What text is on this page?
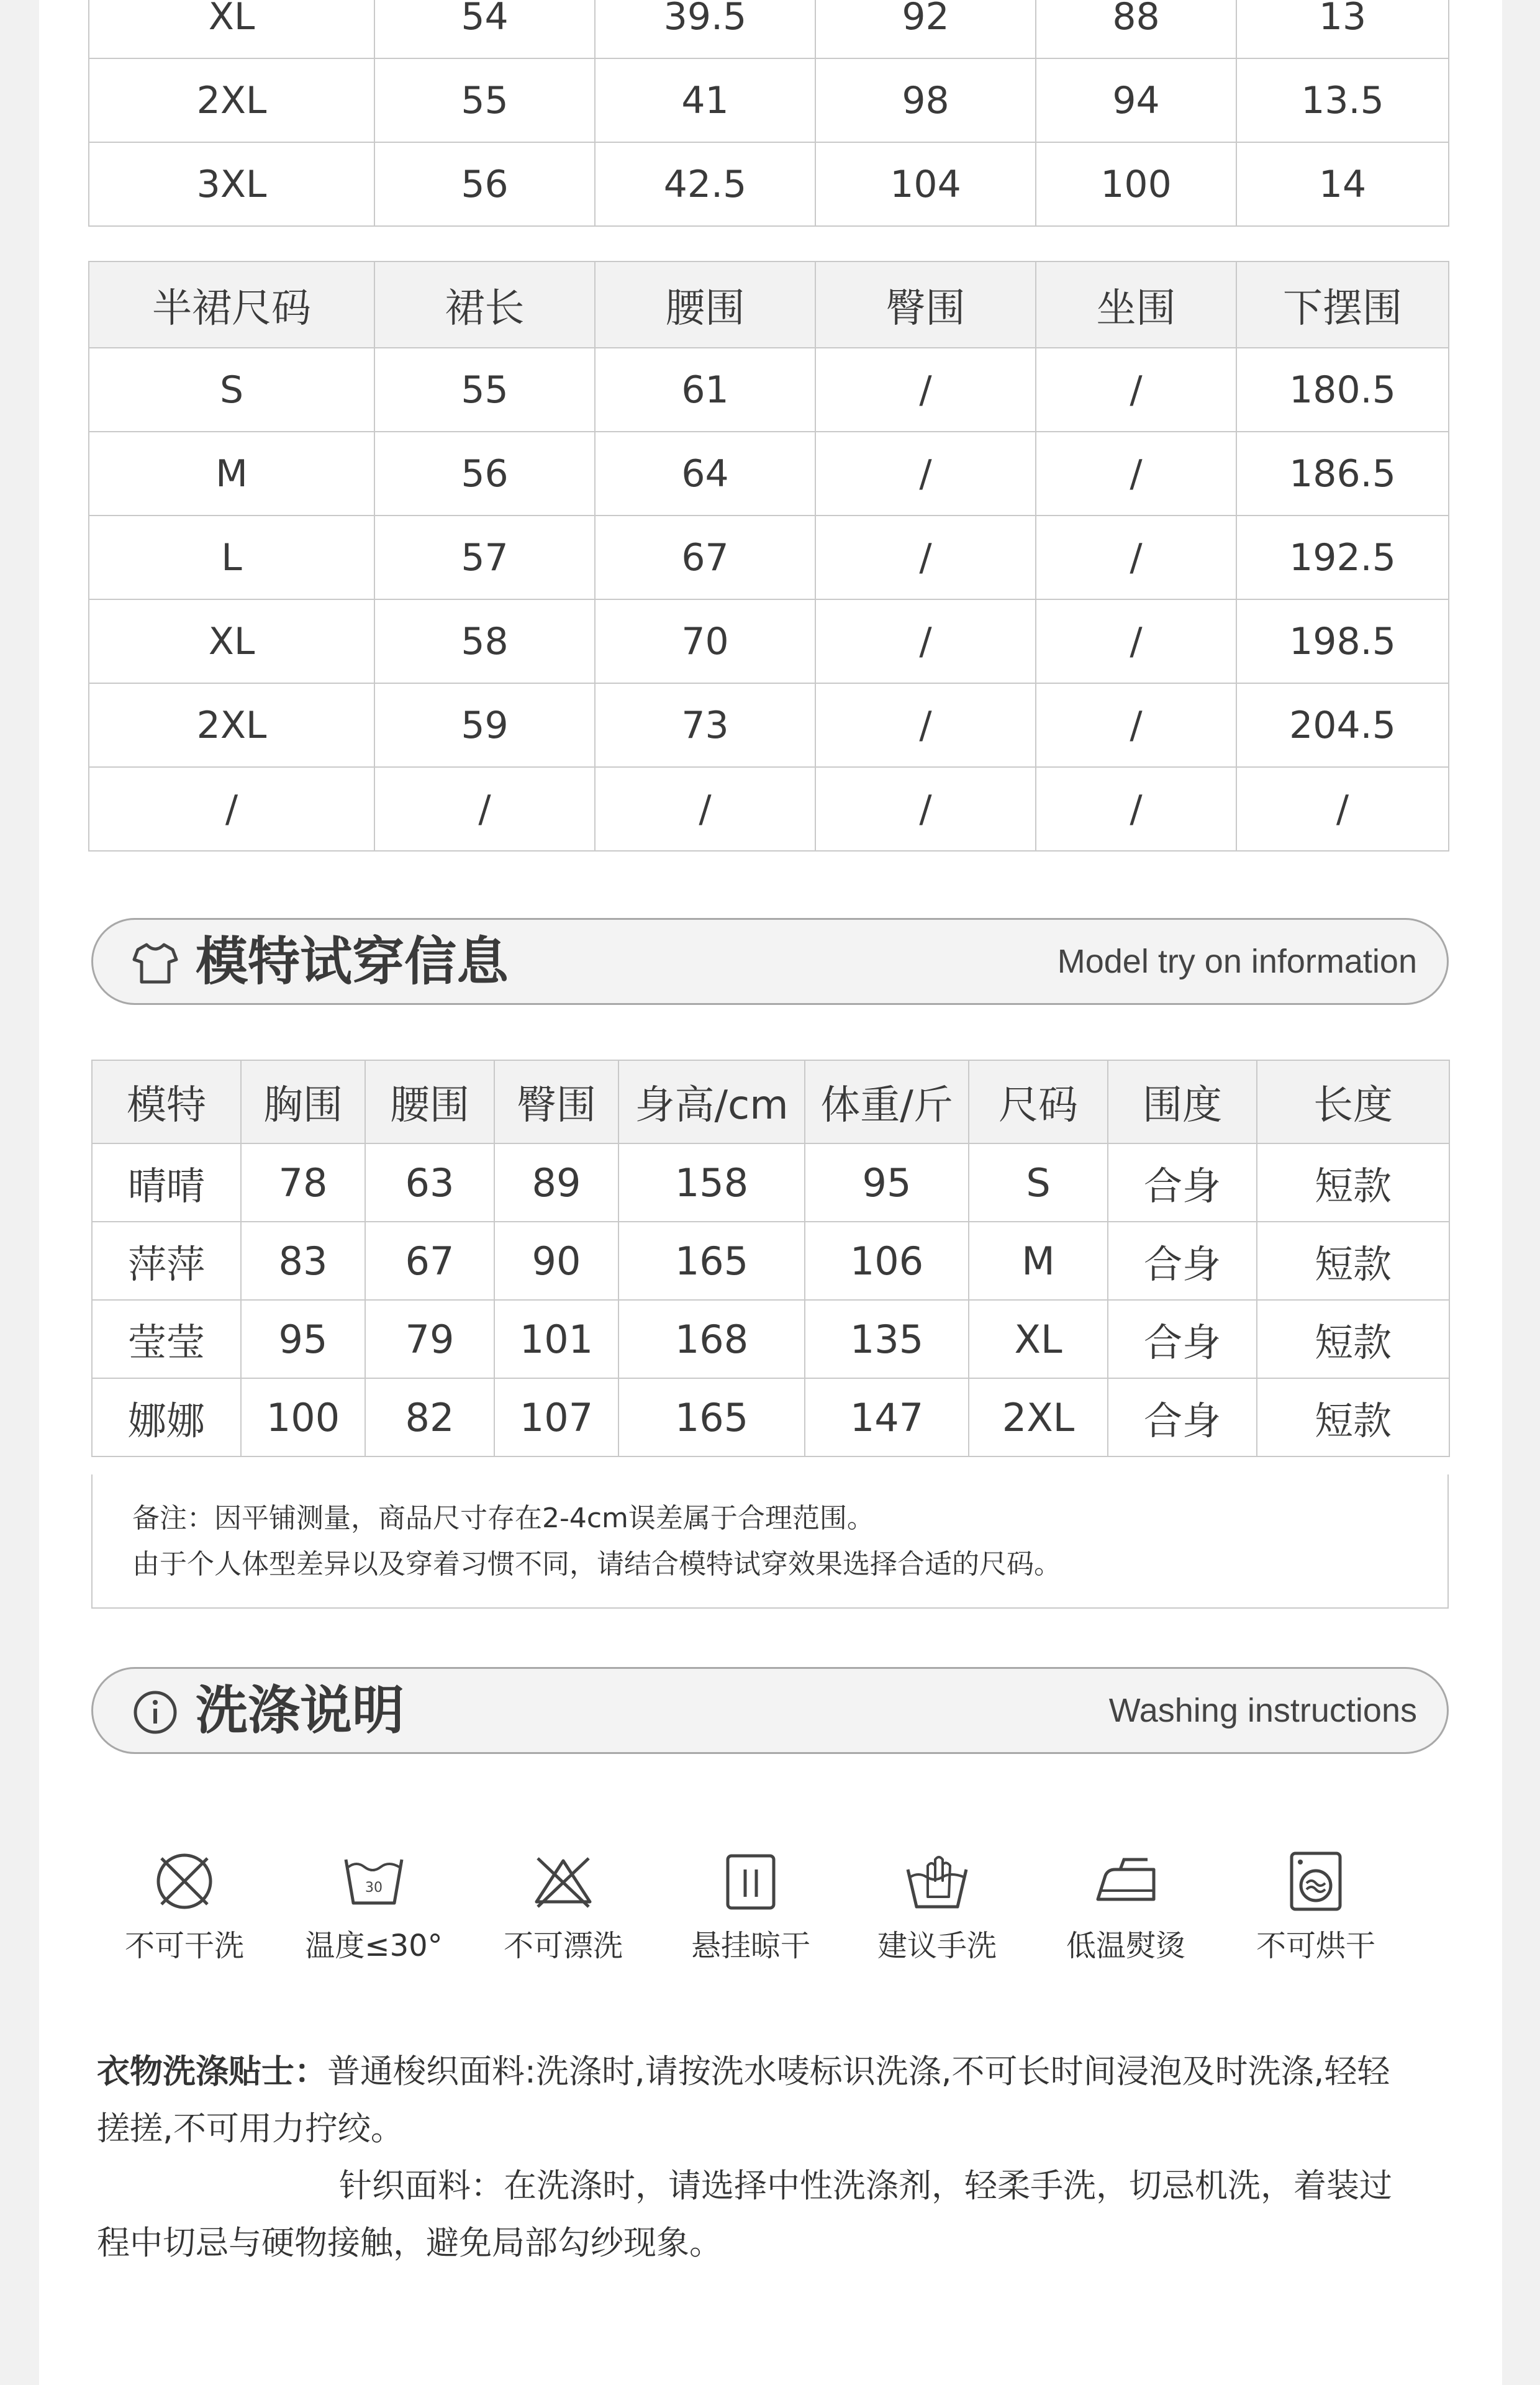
XL	54	39.5	92	88	13
2XL	55	41	98	94	13.5
3XL	56	42.5	104	100	14
半裙尺码	裙长	腰围	臀围	坐围	下摆围
S	55	61	/	/	180.5
M	56	64	/	/	186.5
L	57	67	/	/	192.5
XL	58	70	/	/	198.5
2XL	59	73	/	/	204.5
/	/	/	/	/	/
模特试穿信息	Model try on information
模特	胸围	腰围	臀围	身高/cm	体重/斤	尺码	围度	长度
晴晴	78	63	89	158	95	S	合身	短款
萍萍	83	67	90	165	106	M	合身	短款
莹莹	95	79	101	168	135	XL	合身	短款
娜娜	100	82	107	165	147	2XL	合身	短款
备注：因平铺测量，商品尺寸存在2-4cm误差属于合理范围。
由于个人体型差异以及穿着习惯不同，请结合模特试穿效果选择合适的尺码。
洗涤说明	Washing instructions
不可干洗
30
温度≤30°	不可漂洗	悬挂晾干	建议手洗	低温熨烫	不可烘干
衣物洗涤贴士：普通梭织面料:洗涤时,请按洗水唛标识洗涤,不可长时间浸泡及时洗涤,轻轻
搓搓,不可用力拧绞。
针织面料：在洗涤时，请选择中性洗涤剂，轻柔手洗，切忌机洗，着装过
程中切忌与硬物接触，避免局部勾纱现象。
